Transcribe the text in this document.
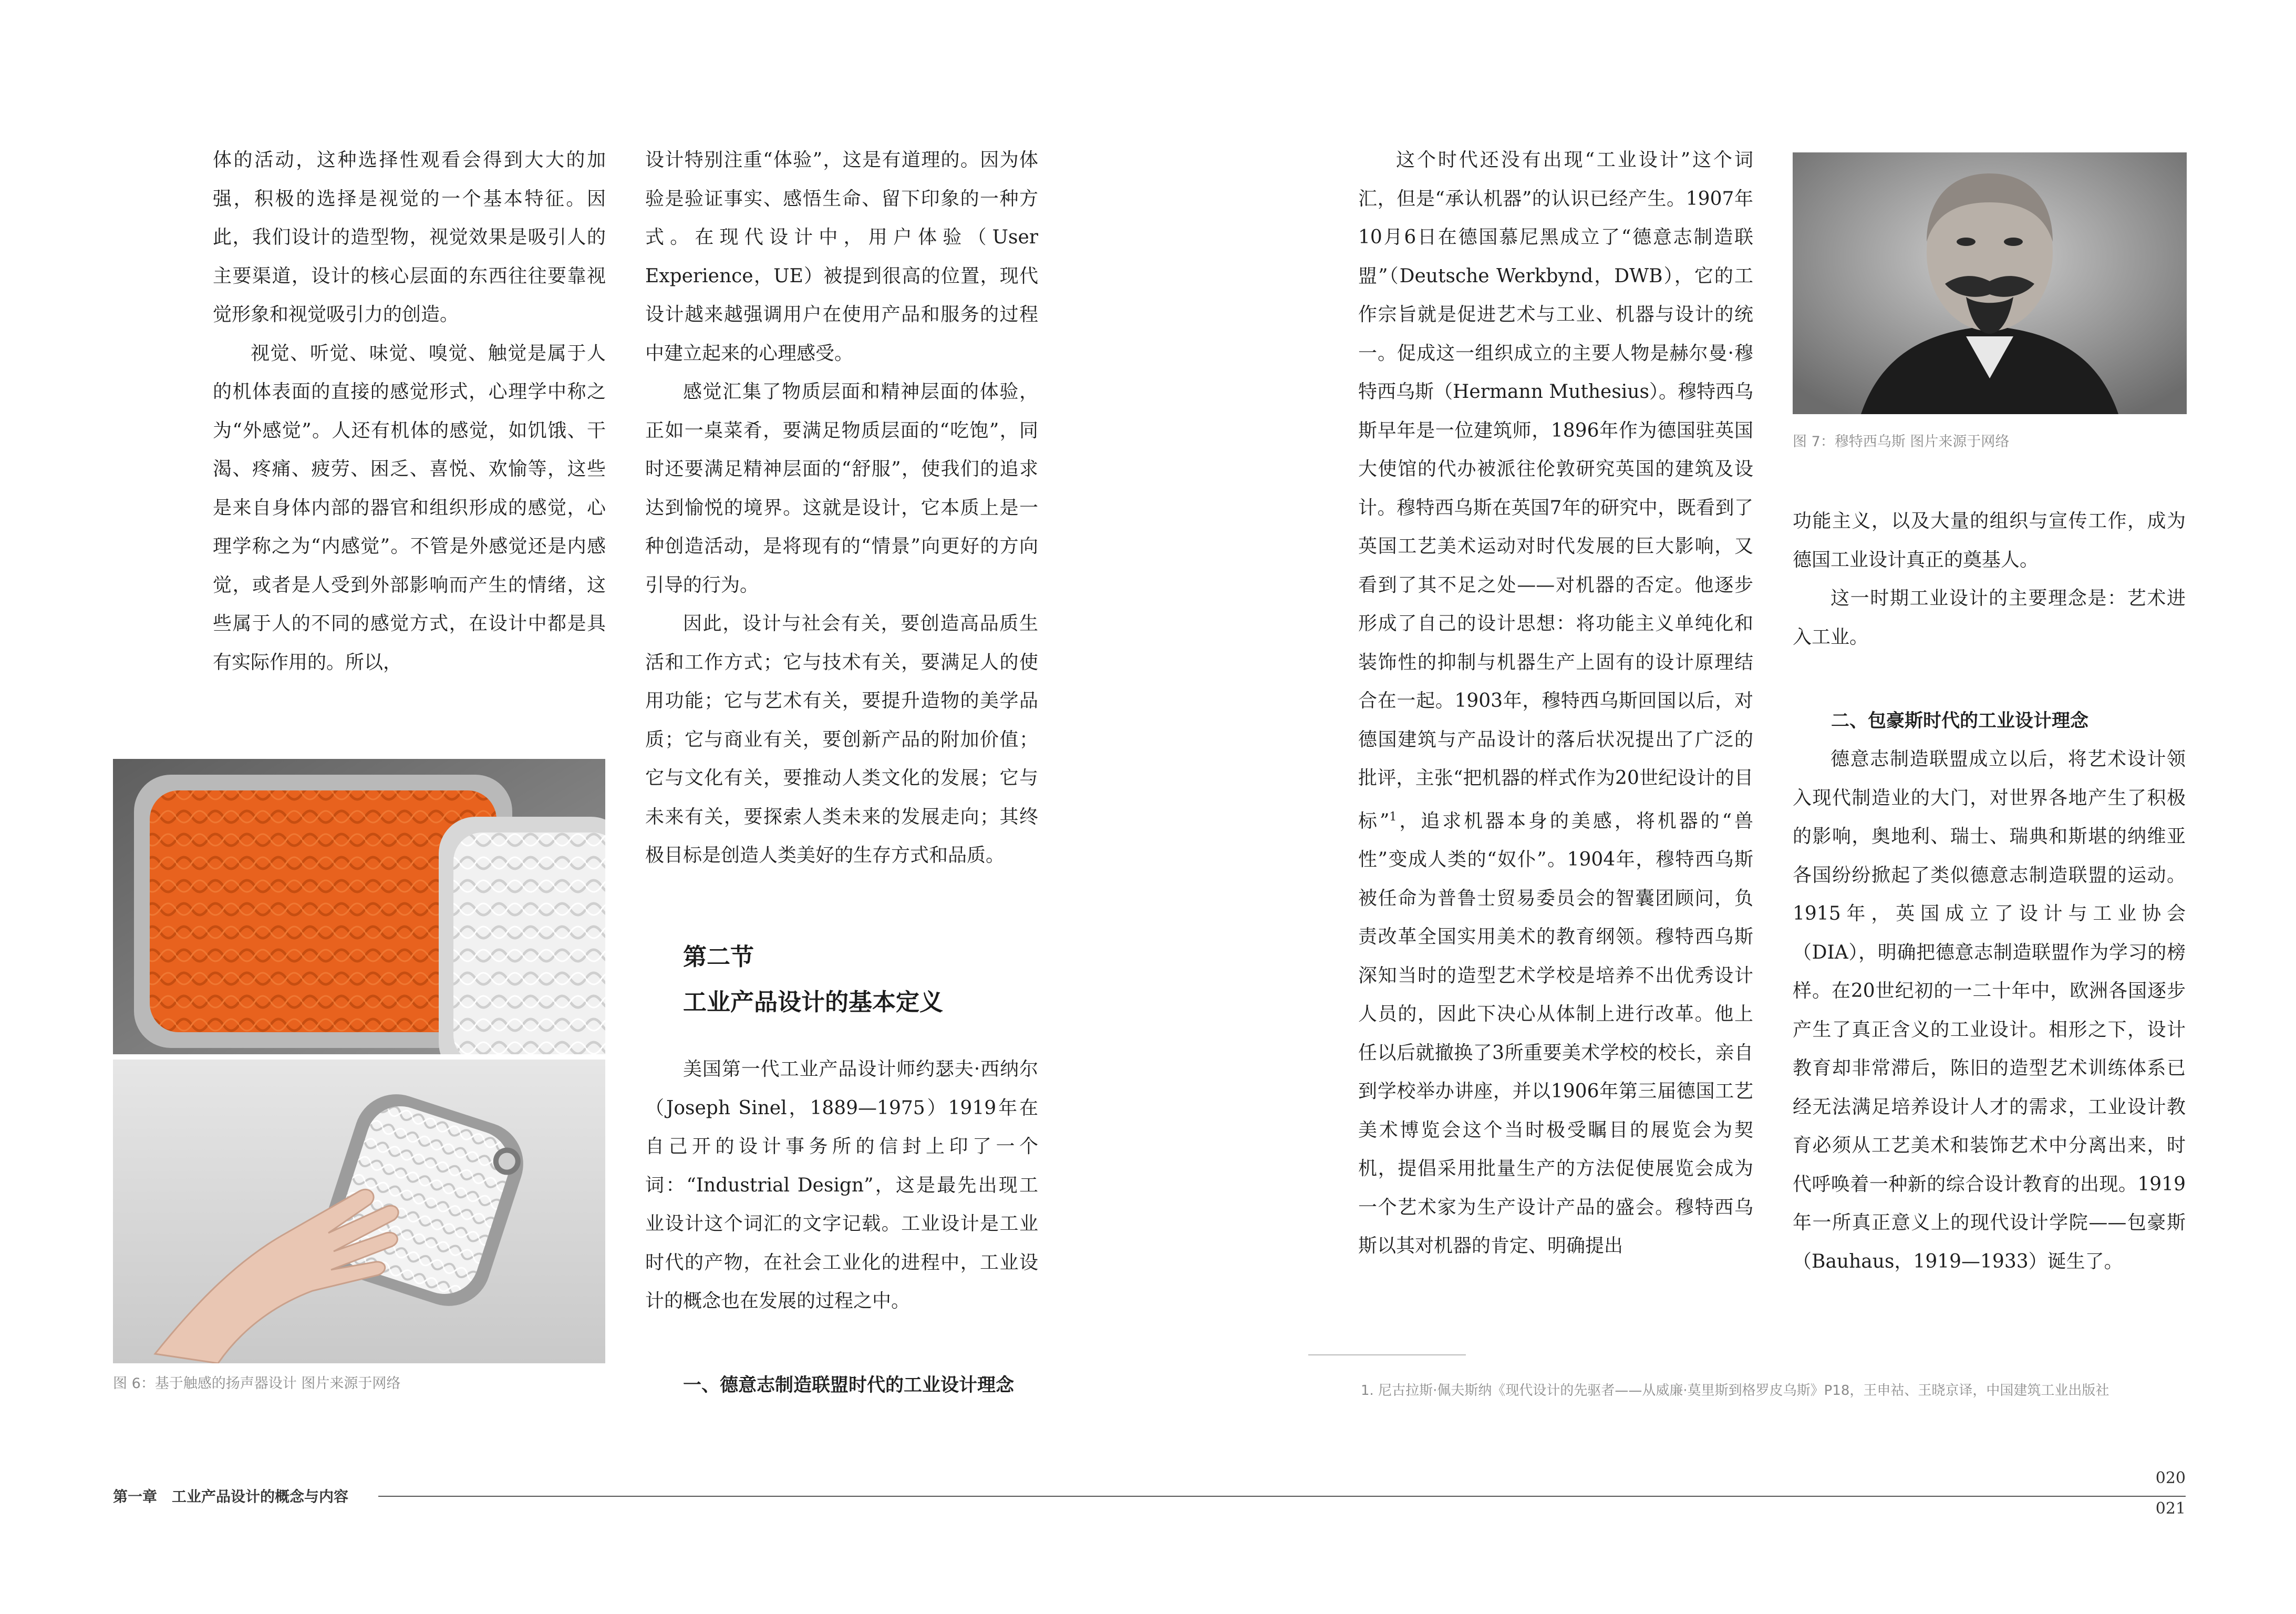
体的活动，这种选择性观看会得到大大的加强，积极的选择是视觉的一个基本特征。因此，我们设计的造型物，视觉效果是吸引人的主要渠道，设计的核心层面的东西往往要靠视觉形象和视觉吸引力的创造。

视觉、听觉、味觉、嗅觉、触觉是属于人的机体表面的直接的感觉形式，心理学中称之为“外感觉”。人还有机体的感觉，如饥饿、干渴、疼痛、疲劳、困乏、喜悦、欢愉等，这些是来自身体内部的器官和组织形成的感觉，心理学称之为“内感觉”。不管是外感觉还是内感觉，或者是人受到外部影响而产生的情绪，这些属于人的不同的感觉方式，在设计中都是具有实际作用的。所以，

设计特别注重“体验”，这是有道理的。因为体验是验证事实、感悟生命、留下印象的一种方式。在现代设计中，用户体验（User Experience，UE）被提到很高的位置，现代设计越来越强调用户在使用产品和服务的过程中建立起来的心理感受。

感觉汇集了物质层面和精神层面的体验，正如一桌菜肴，要满足物质层面的“吃饱”，同时还要满足精神层面的“舒服”，使我们的追求达到愉悦的境界。这就是设计，它本质上是一种创造活动，是将现有的“情景”向更好的方向引导的行为。

因此，设计与社会有关，要创造高品质生活和工作方式；它与技术有关，要满足人的使用功能；它与艺术有关，要提升造物的美学品质；它与商业有关，要创新产品的附加价值；它与文化有关，要推动人类文化的发展；它与未来有关，要探索人类未来的发展走向；其终极目标是创造人类美好的生存方式和品质。

第二节
工业产品设计的基本定义

美国第一代工业产品设计师约瑟夫·西纳尔（Joseph Sinel，1889—1975）1919年在自己开的设计事务所的信封上印了一个词：“Industrial Design”，这是最先出现工业设计这个词汇的文字记载。工业设计是工业时代的产物，在社会工业化的进程中，工业设计的概念也在发展的过程之中。

一、德意志制造联盟时代的工业设计理念
图 6：基于触感的扬声器设计 图片来源于网络

这个时代还没有出现“工业设计”这个词汇，但是“承认机器”的认识已经产生。1907年10月6日在德国慕尼黑成立了“德意志制造联盟”（Deutsche Werkbynd，DWB），它的工作宗旨就是促进艺术与工业、机器与设计的统一。促成这一组织成立的主要人物是赫尔曼·穆特西乌斯（Hermann Muthesius）。穆特西乌斯早年是一位建筑师，1896年作为德国驻英国大使馆的代办被派往伦敦研究英国的建筑及设计。穆特西乌斯在英国7年的研究中，既看到了英国工艺美术运动对时代发展的巨大影响，又看到了其不足之处——对机器的否定。他逐步形成了自己的设计思想：将功能主义单纯化和装饰性的抑制与机器生产上固有的设计原理结合在一起。1903年，穆特西乌斯回国以后，对德国建筑与产品设计的落后状况提出了广泛的批评，主张“把机器的样式作为20世纪设计的目标”$^1$，追求机器本身的美感，将机器的“兽性”变成人类的“奴仆”。1904年，穆特西乌斯被任命为普鲁士贸易委员会的智囊团顾问，负责改革全国实用美术的教育纲领。穆特西乌斯深知当时的造型艺术学校是培养不出优秀设计人员的，因此下决心从体制上进行改革。他上任以后就撤换了3所重要美术学校的校长，亲自到学校举办讲座，并以1906年第三届德国工艺美术博览会这个当时极受瞩目的展览会为契机，提倡采用批量生产的方法促使展览会成为一个艺术家为生产设计产品的盛会。穆特西乌斯以其对机器的肯定、明确提出

图 7：穆特西乌斯 图片来源于网络

功能主义，以及大量的组织与宣传工作，成为德国工业设计真正的奠基人。

这一时期工业设计的主要理念是：艺术进入工业。

二、包豪斯时代的工业设计理念

德意志制造联盟成立以后，将艺术设计领入现代制造业的大门，对世界各地产生了积极的影响，奥地利、瑞士、瑞典和斯堪的纳维亚各国纷纷掀起了类似德意志制造联盟的运动。1915年，英国成立了设计与工业协会（DIA），明确把德意志制造联盟作为学习的榜样。在20世纪初的一二十年中，欧洲各国逐步产生了真正含义的工业设计。相形之下，设计教育却非常滞后，陈旧的造型艺术训练体系已经无法满足培养设计人才的需求，工业设计教育必须从工艺美术和装饰艺术中分离出来，时代呼唤着一种新的综合设计教育的出现。1919年一所真正意义上的现代设计学院——包豪斯（Bauhaus，1919—1933）诞生了。

1. 尼古拉斯·佩夫斯纳《现代设计的先驱者——从威廉·莫里斯到格罗皮乌斯》P18，王申祜、王晓京译，中国建筑工业出版社
第一章　工业产品设计的概念与内容
020
021
